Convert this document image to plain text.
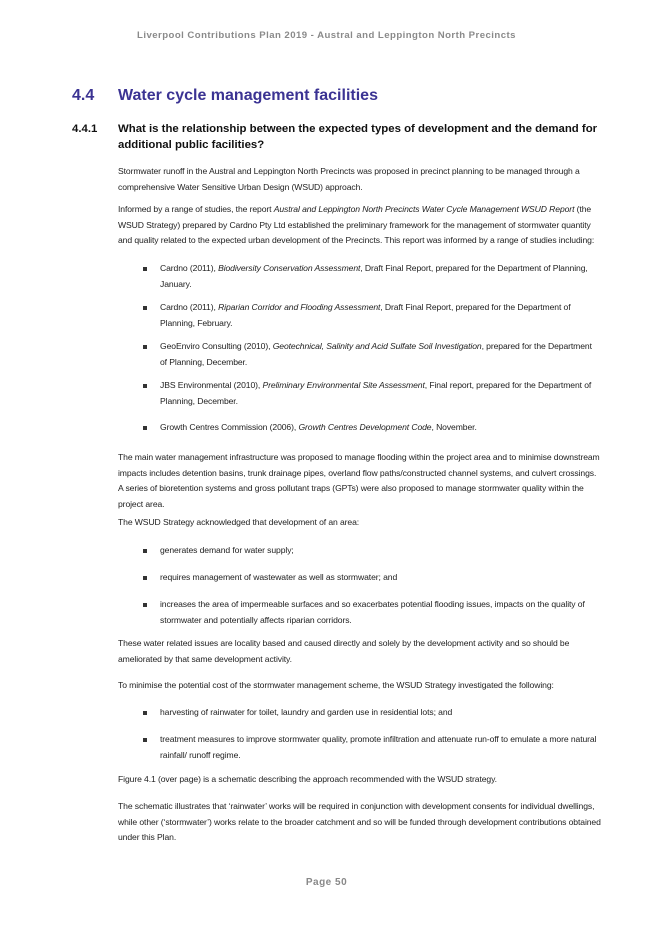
Liverpool Contributions Plan 2019 - Austral and Leppington North Precincts
4.4 Water cycle management facilities
4.4.1 What is the relationship between the expected types of development and the demand for additional public facilities?
Stormwater runoff in the Austral and Leppington North Precincts was proposed in precinct planning to be managed through a comprehensive Water Sensitive Urban Design (WSUD) approach.
Informed by a range of studies, the report Austral and Leppington North Precincts Water Cycle Management WSUD Report (the WSUD Strategy) prepared by Cardno Pty Ltd established the preliminary framework for the management of stormwater quantity and quality related to the expected urban development of the Precincts. This report was informed by a range of studies including:
Cardno (2011), Biodiversity Conservation Assessment, Draft Final Report, prepared for the Department of Planning, January.
Cardno (2011), Riparian Corridor and Flooding Assessment, Draft Final Report, prepared for the Department of Planning, February.
GeoEnviro Consulting (2010), Geotechnical, Salinity and Acid Sulfate Soil Investigation, prepared for the Department of Planning, December.
JBS Environmental (2010), Preliminary Environmental Site Assessment, Final report, prepared for the Department of Planning, December.
Growth Centres Commission (2006), Growth Centres Development Code, November.
The main water management infrastructure was proposed to manage flooding within the project area and to minimise downstream impacts includes detention basins, trunk drainage pipes, overland flow paths/constructed channel systems, and culvert crossings. A series of bioretention systems and gross pollutant traps (GPTs) were also proposed to manage stormwater quality within the project area.
The WSUD Strategy acknowledged that development of an area:
generates demand for water supply;
requires management of wastewater as well as stormwater; and
increases the area of impermeable surfaces and so exacerbates potential flooding issues, impacts on the quality of stormwater and potentially affects riparian corridors.
These water related issues are locality based and caused directly and solely by the development activity and so should be ameliorated by that same development activity.
To minimise the potential cost of the stormwater management scheme, the WSUD Strategy investigated the following:
harvesting of rainwater for toilet, laundry and garden use in residential lots; and
treatment measures to improve stormwater quality, promote infiltration and attenuate run-off to emulate a more natural rainfall/ runoff regime.
Figure 4.1 (over page) is a schematic describing the approach recommended with the WSUD strategy.
The schematic illustrates that ‘rainwater’ works will be required in conjunction with development consents for individual dwellings, while other (‘stormwater’) works relate to the broader catchment and so will be funded through development contributions obtained under this Plan.
Page 50
